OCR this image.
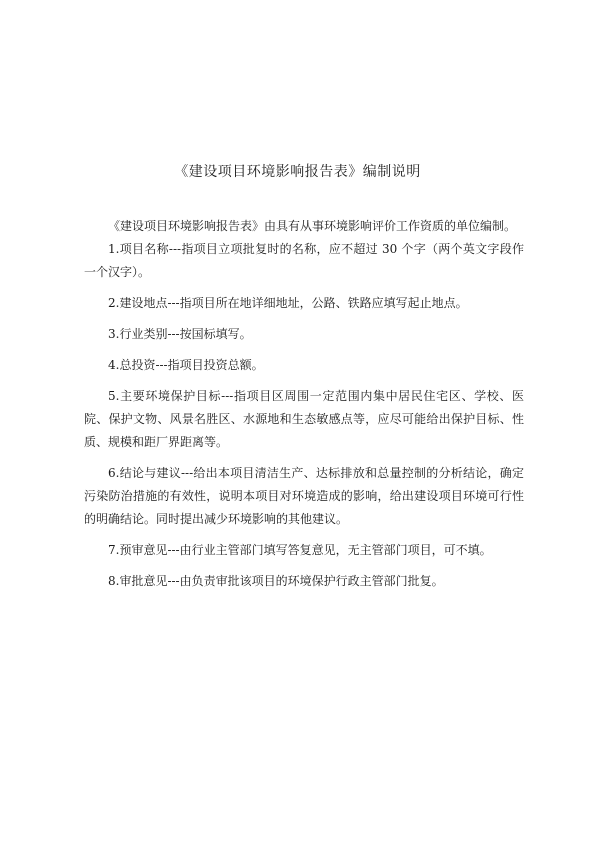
《建设项目环境影响报告表》编制说明

《建设项目环境影响报告表》由具有从事环境影响评价工作资质的单位编制。

1.项目名称---指项目立项批复时的名称，应不超过 30 个字（两个英文字段作一个汉字）。

2.建设地点---指项目所在地详细地址，公路、铁路应填写起止地点。

3.行业类别---按国标填写。

4.总投资---指项目投资总额。

5.主要环境保护目标---指项目区周围一定范围内集中居民住宅区、学校、医院、保护文物、风景名胜区、水源地和生态敏感点等，应尽可能给出保护目标、性质、规模和距厂界距离等。

6.结论与建议---给出本项目清洁生产、达标排放和总量控制的分析结论，确定污染防治措施的有效性，说明本项目对环境造成的影响，给出建设项目环境可行性的明确结论。同时提出减少环境影响的其他建议。

7.预审意见---由行业主管部门填写答复意见，无主管部门项目，可不填。

8.审批意见---由负责审批该项目的环境保护行政主管部门批复。
